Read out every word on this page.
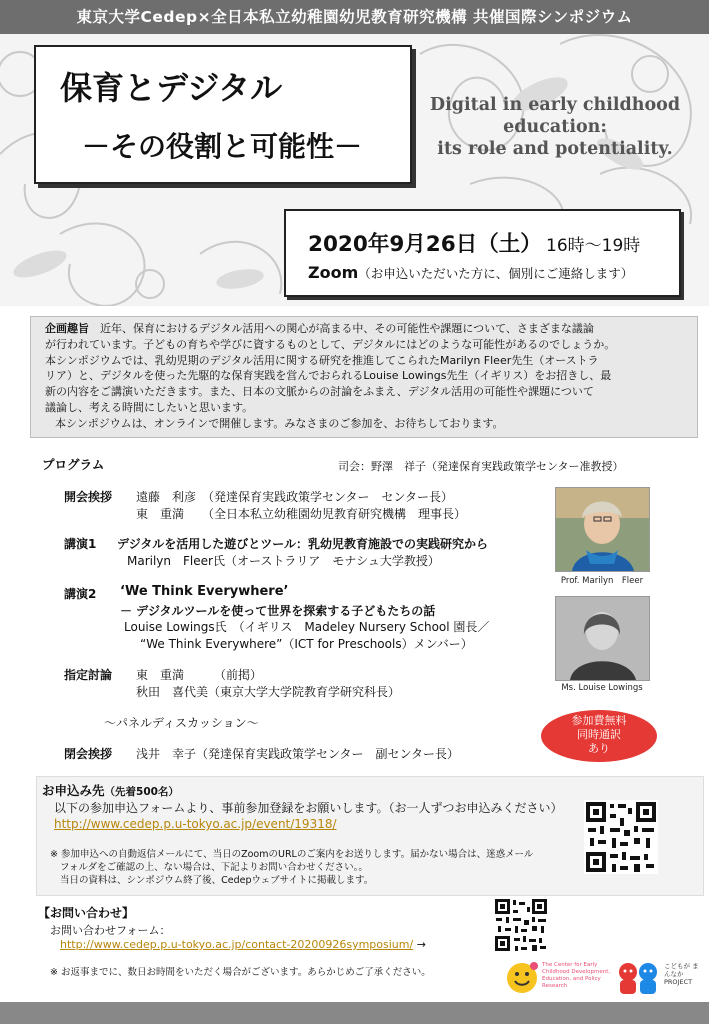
東京大学Cedep×全日本私立幼稚園幼児教育研究機構 共催国際シンポジウム
保育とデジタル
－その役割と可能性－
Digital in early childhood
education:
its role and potentiality.
2020年9月26日（土） 16時～19時
Zoom（お申込いただいた方に、個別にご連絡します）
企画趣旨　 近年、保育におけるデジタル活用への関心が高まる中、その可能性や課題について、さまざまな議論
が行われています。子どもの育ちや学びに資するものとして、デジタルにはどのような可能性があるのでしょうか。
本シンポジウムでは、乳幼児期のデジタル活用に関する研究を推進してこられたMarilyn Fleer先生（オーストラ
リア）と、デジタルを使った先駆的な保育実践を営んでおられるLouise Lowings先生（イギリス）をお招きし、最
新の内容をご講演いただきます。また、日本の文脈からの討論をふまえ、デジタル活用の可能性や課題について
議論し、考える時間にしたいと思います。
本シンポジウムは、オンラインで開催します。みなさまのご参加を、お待ちしております。
プログラム	司会：野澤　祥子（発達保育実践政策学センター准教授）
開会挨拶 遠藤　利彦　（発達保育実践政策学センター　センター長）
東　重満　　（全日本私立幼稚園幼児教育研究機構　理事長）
講演1 デジタルを活用した遊びとツール：乳幼児教育施設での実践研究から
Marilyn　Fleer氏（オーストラリア　モナシュ大学教授）
講演2 ‘We Think Everywhere’
－ デジタルツールを使って世界を探索する子どもたちの話
Louise Lowings氏　（イギリス　Madeley Nursery School 園長／
“We Think Everywhere”（ICT for Preschools）メンバー）
指定討論 東　重満　　　（前掲）
秋田　喜代美（東京大学大学院教育学研究科長）
～パネルディスカッション～
閉会挨拶 浅井　幸子（発達保育実践政策学センター　副センター長）
Prof. Marilyn　Fleer
Ms. Louise Lowings
参加費無料
同時通訳
あり
お申込み先（先着500名）
以下の参加申込フォームより、事前参加登録をお願いします。（お一人ずつお申込みください）
http://www.cedep.p.u-tokyo.ac.jp/event/19318/
※ 参加申込への自動返信メールにて、当日のZoomのURLのご案内をお送りします。届かない場合は、迷惑メール
フォルダをご確認の上、ない場合は、下記よりお問い合わせください。。
当日の資料は、シンポジウム終了後、Cedepウェブサイトに掲載します。
【お問い合わせ】
お問い合わせフォーム：
http://www.cedep.p.u-tokyo.ac.jp/contact-20200926symposium/ →
※ お返事までに、数日お時間をいただく場合がございます。あらかじめご了承ください。
The Center for Early Childhood Development, Education, and Policy Research
こどもが まんなか PROJECT
